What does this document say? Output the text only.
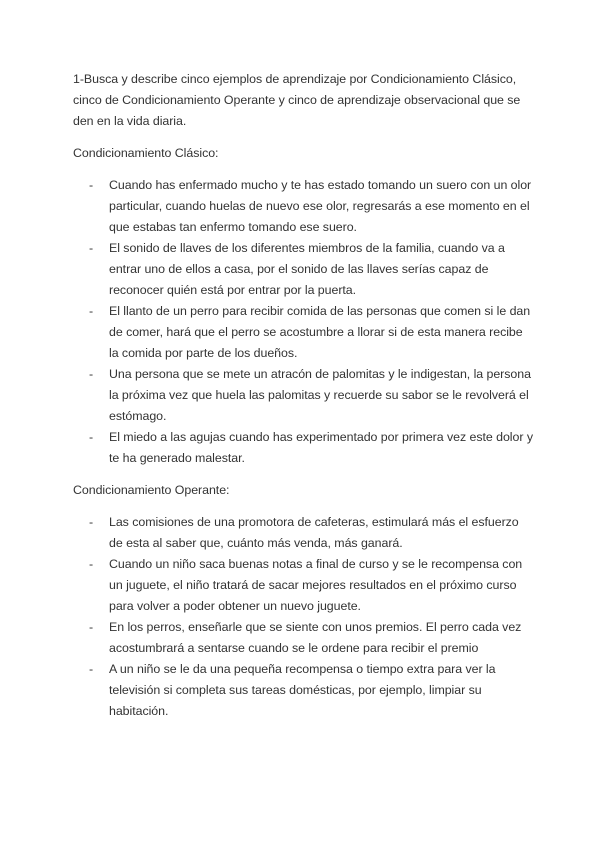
1-Busca y describe cinco ejemplos de aprendizaje por Condicionamiento Clásico, cinco de Condicionamiento Operante y cinco de aprendizaje observacional que se den en la vida diaria.

Condicionamiento Clásico:

- Cuando has enfermado mucho y te has estado tomando un suero con un olor particular, cuando huelas de nuevo ese olor, regresarás a ese momento en el que estabas tan enfermo tomando ese suero.
- El sonido de llaves de los diferentes miembros de la familia, cuando va a entrar uno de ellos a casa, por el sonido de las llaves serías capaz de reconocer quién está por entrar por la puerta.
- El llanto de un perro para recibir comida de las personas que comen si le dan de comer, hará que el perro se acostumbre a llorar si de esta manera recibe la comida por parte de los dueños.
- Una persona que se mete un atracón de palomitas y le indigestan, la persona la próxima vez que huela las palomitas y recuerde su sabor se le revolverá el estómago.
- El miedo a las agujas cuando has experimentado por primera vez este dolor y te ha generado malestar.

Condicionamiento Operante:

- Las comisiones de una promotora de cafeteras, estimulará más el esfuerzo de esta al saber que, cuánto más venda, más ganará.
- Cuando un niño saca buenas notas a final de curso y se le recompensa con un juguete, el niño tratará de sacar mejores resultados en el próximo curso para volver a poder obtener un nuevo juguete.
- En los perros, enseñarle que se siente con unos premios. El perro cada vez acostumbrará a sentarse cuando se le ordene para recibir el premio
- A un niño se le da una pequeña recompensa o tiempo extra para ver la televisión si completa sus tareas domésticas, por ejemplo, limpiar su habitación.
